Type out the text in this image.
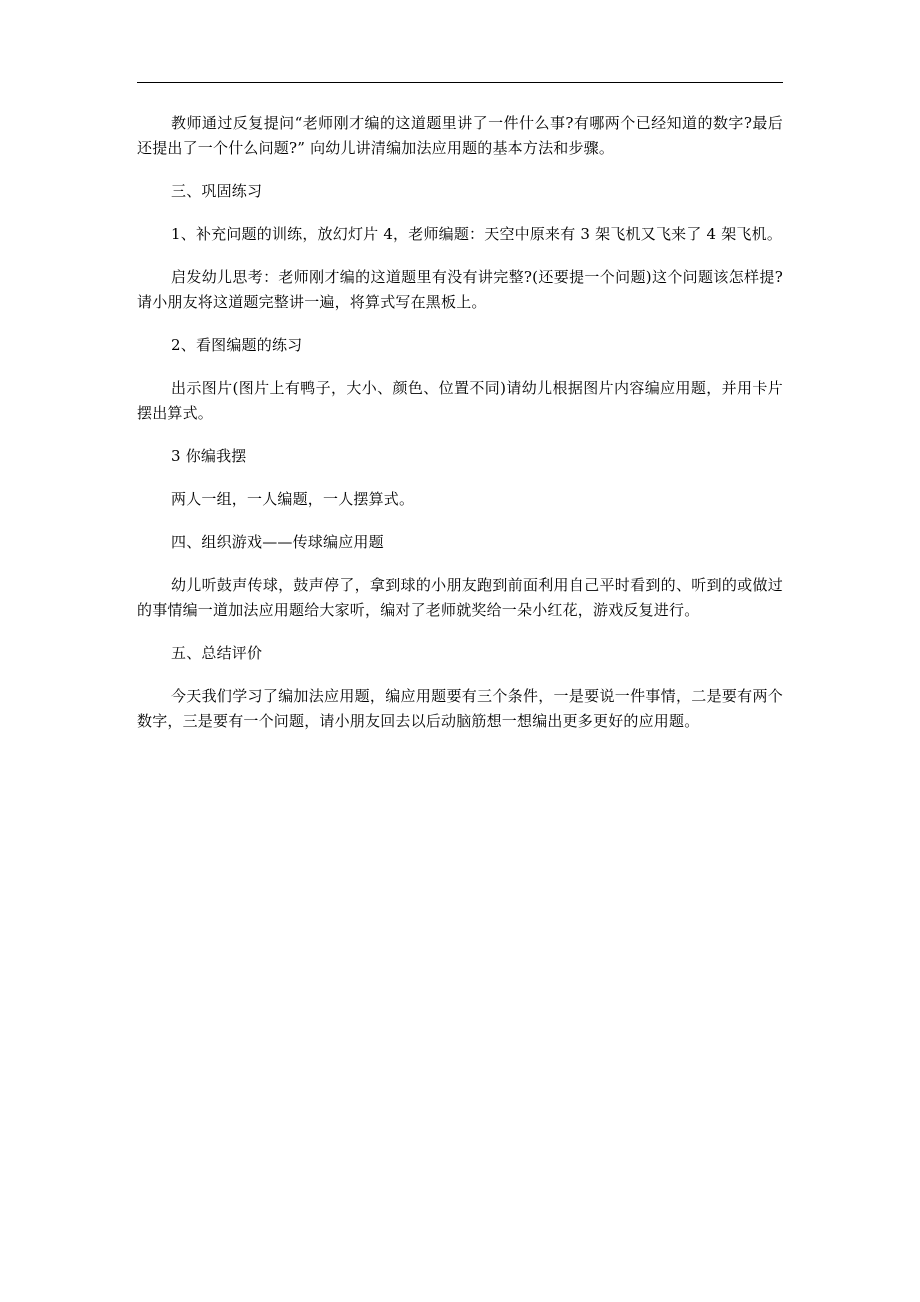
教师通过反复提问“老师刚才编的这道题里讲了一件什么事?有哪两个已经知道的数字?最后还提出了一个什么问题?” 向幼儿讲清编加法应用题的基本方法和步骤。

三、巩固练习

1、补充问题的训练，放幻灯片 4，老师编题：天空中原来有 3 架飞机又飞来了 4 架飞机。

启发幼儿思考：老师刚才编的这道题里有没有讲完整?(还要提一个问题)这个问题该怎样提?请小朋友将这道题完整讲一遍，将算式写在黑板上。

2、看图编题的练习

出示图片(图片上有鸭子，大小、颜色、位置不同)请幼儿根据图片内容编应用题，并用卡片摆出算式。

3 你编我摆

两人一组，一人编题，一人摆算式。

四、组织游戏——传球编应用题

幼儿听鼓声传球，鼓声停了，拿到球的小朋友跑到前面利用自己平时看到的、听到的或做过的事情编一道加法应用题给大家听，编对了老师就奖给一朵小红花，游戏反复进行。

五、总结评价

今天我们学习了编加法应用题，编应用题要有三个条件，一是要说一件事情，二是要有两个数字，三是要有一个问题，请小朋友回去以后动脑筋想一想编出更多更好的应用题。
